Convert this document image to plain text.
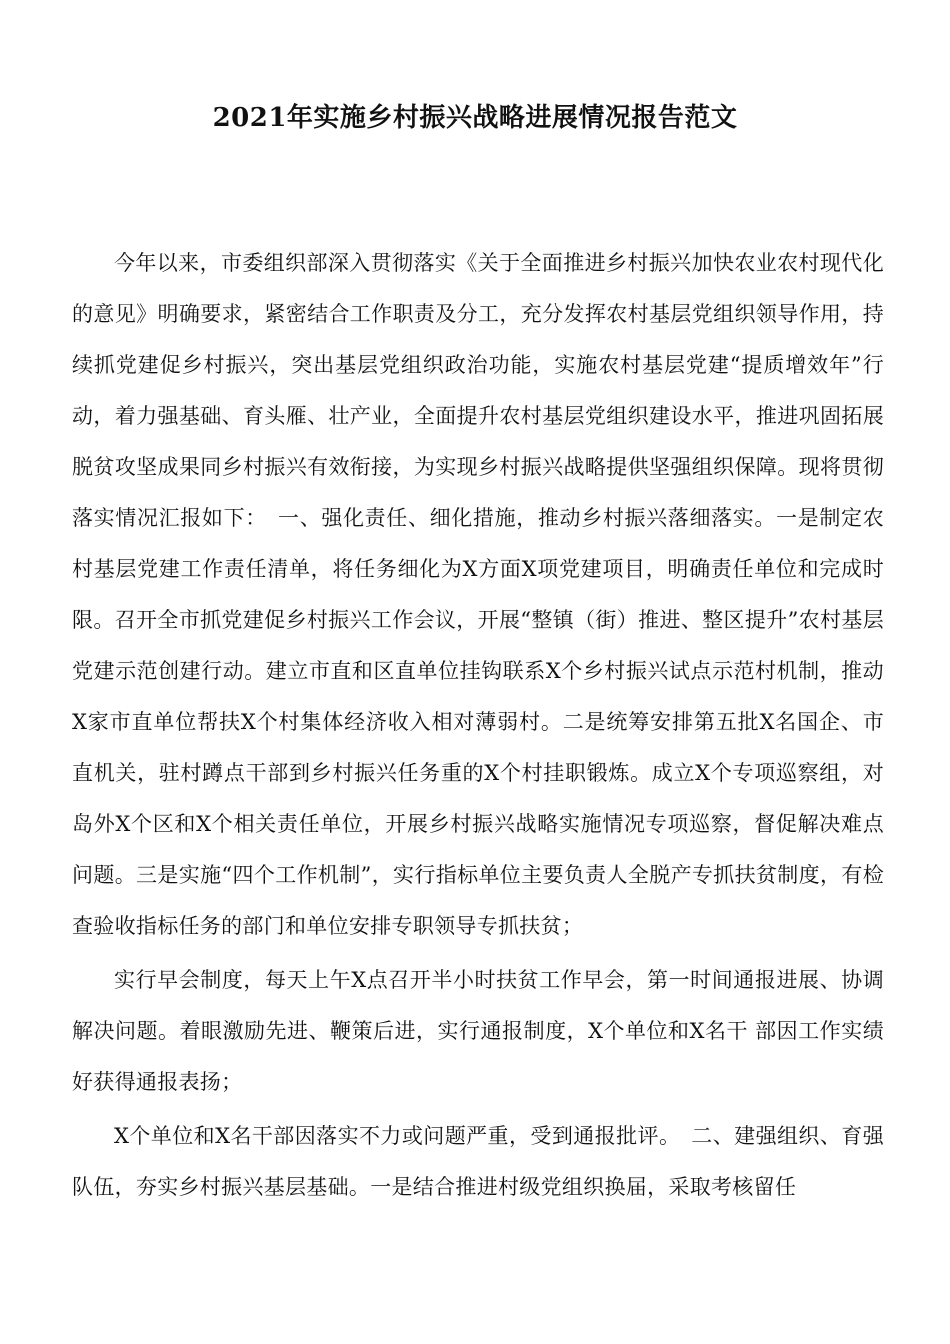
2021年实施乡村振兴战略进展情况报告范文

今年以来，市委组织部深入贯彻落实《关于全面推进乡村振兴加快农业农村现代化的意见》明确要求，紧密结合工作职责及分工，充分发挥农村基层党组织领导作用，持续抓党建促乡村振兴，突出基层党组织政治功能，实施农村基层党建“提质增效年”行动，着力强基础、育头雁、壮产业，全面提升农村基层党组织建设水平，推进巩固拓展脱贫攻坚成果同乡村振兴有效衔接，为实现乡村振兴战略提供坚强组织保障。现将贯彻落实情况汇报如下：　一、强化责任、细化措施，推动乡村振兴落细落实。一是制定农村基层党建工作责任清单，将任务细化为X方面X项党建项目，明确责任单位和完成时限。召开全市抓党建促乡村振兴工作会议，开展“整镇（街）推进、整区提升”农村基层党建示范创建行动。建立市直和区直单位挂钩联系X个乡村振兴试点示范村机制，推动X家市直单位帮扶X个村集体经济收入相对薄弱村。二是统筹安排第五批X名国企、市直机关，驻村蹲点干部到乡村振兴任务重的X个村挂职锻炼。成立X个专项巡察组，对岛外X个区和X个相关责任单位，开展乡村振兴战略实施情况专项巡察，督促解决难点问题。三是实施“四个工作机制”，实行指标单位主要负责人全脱产专抓扶贫制度，有检查验收指标任务的部门和单位安排专职领导专抓扶贫；

实行早会制度，每天上午X点召开半小时扶贫工作早会，第一时间通报进展、协调解决问题。着眼激励先进、鞭策后进，实行通报制度，X个单位和X名干 部因工作实绩好获得通报表扬；

X个单位和X名干部因落实不力或问题严重，受到通报批评。　二、建强组织、育强队伍，夯实乡村振兴基层基础。一是结合推进村级党组织换届，采取考核留任
